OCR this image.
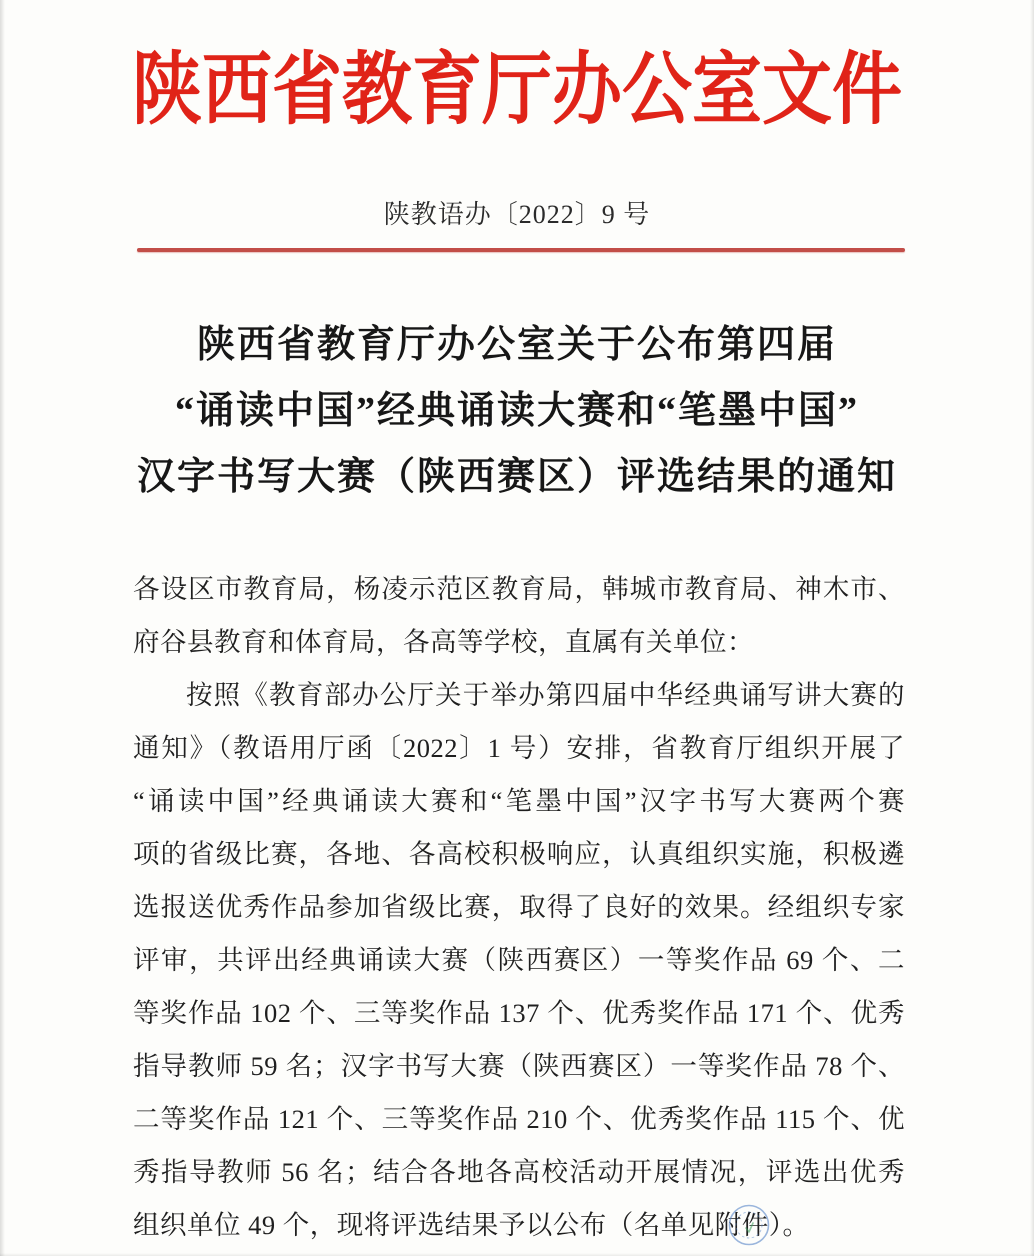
陕西省教育厅办公室文件
陕教语办〔2022〕9 号
陕西省教育厅办公室关于公布第四届
“诵读中国”经典诵读大赛和“笔墨中国”
汉字书写大赛（陕西赛区）评选结果的通知
各设区市教育局，杨凌示范区教育局，韩城市教育局、神木市、
府谷县教育和体育局，各高等学校，直属有关单位：
按照《教育部办公厅关于举办第四届中华经典诵写讲大赛的
通知》（教语用厅函〔2022〕1 号）安排，省教育厅组织开展了
“诵读中国”经典诵读大赛和“笔墨中国”汉字书写大赛两个赛
项的省级比赛，各地、各高校积极响应，认真组织实施，积极遴
选报送优秀作品参加省级比赛，取得了良好的效果。经组织专家
评审，共评出经典诵读大赛（陕西赛区）一等奖作品 69 个、二
等奖作品 102 个、三等奖作品 137 个、优秀奖作品 171 个、优秀
指导教师 59 名；汉字书写大赛（陕西赛区）一等奖作品 78 个、
二等奖作品 121 个、三等奖作品 210 个、优秀奖作品 115 个、优
秀指导教师 56 名；结合各地各高校活动开展情况，评选出优秀
组织单位 49 个，现将评选结果予以公布（名单见附件）。
